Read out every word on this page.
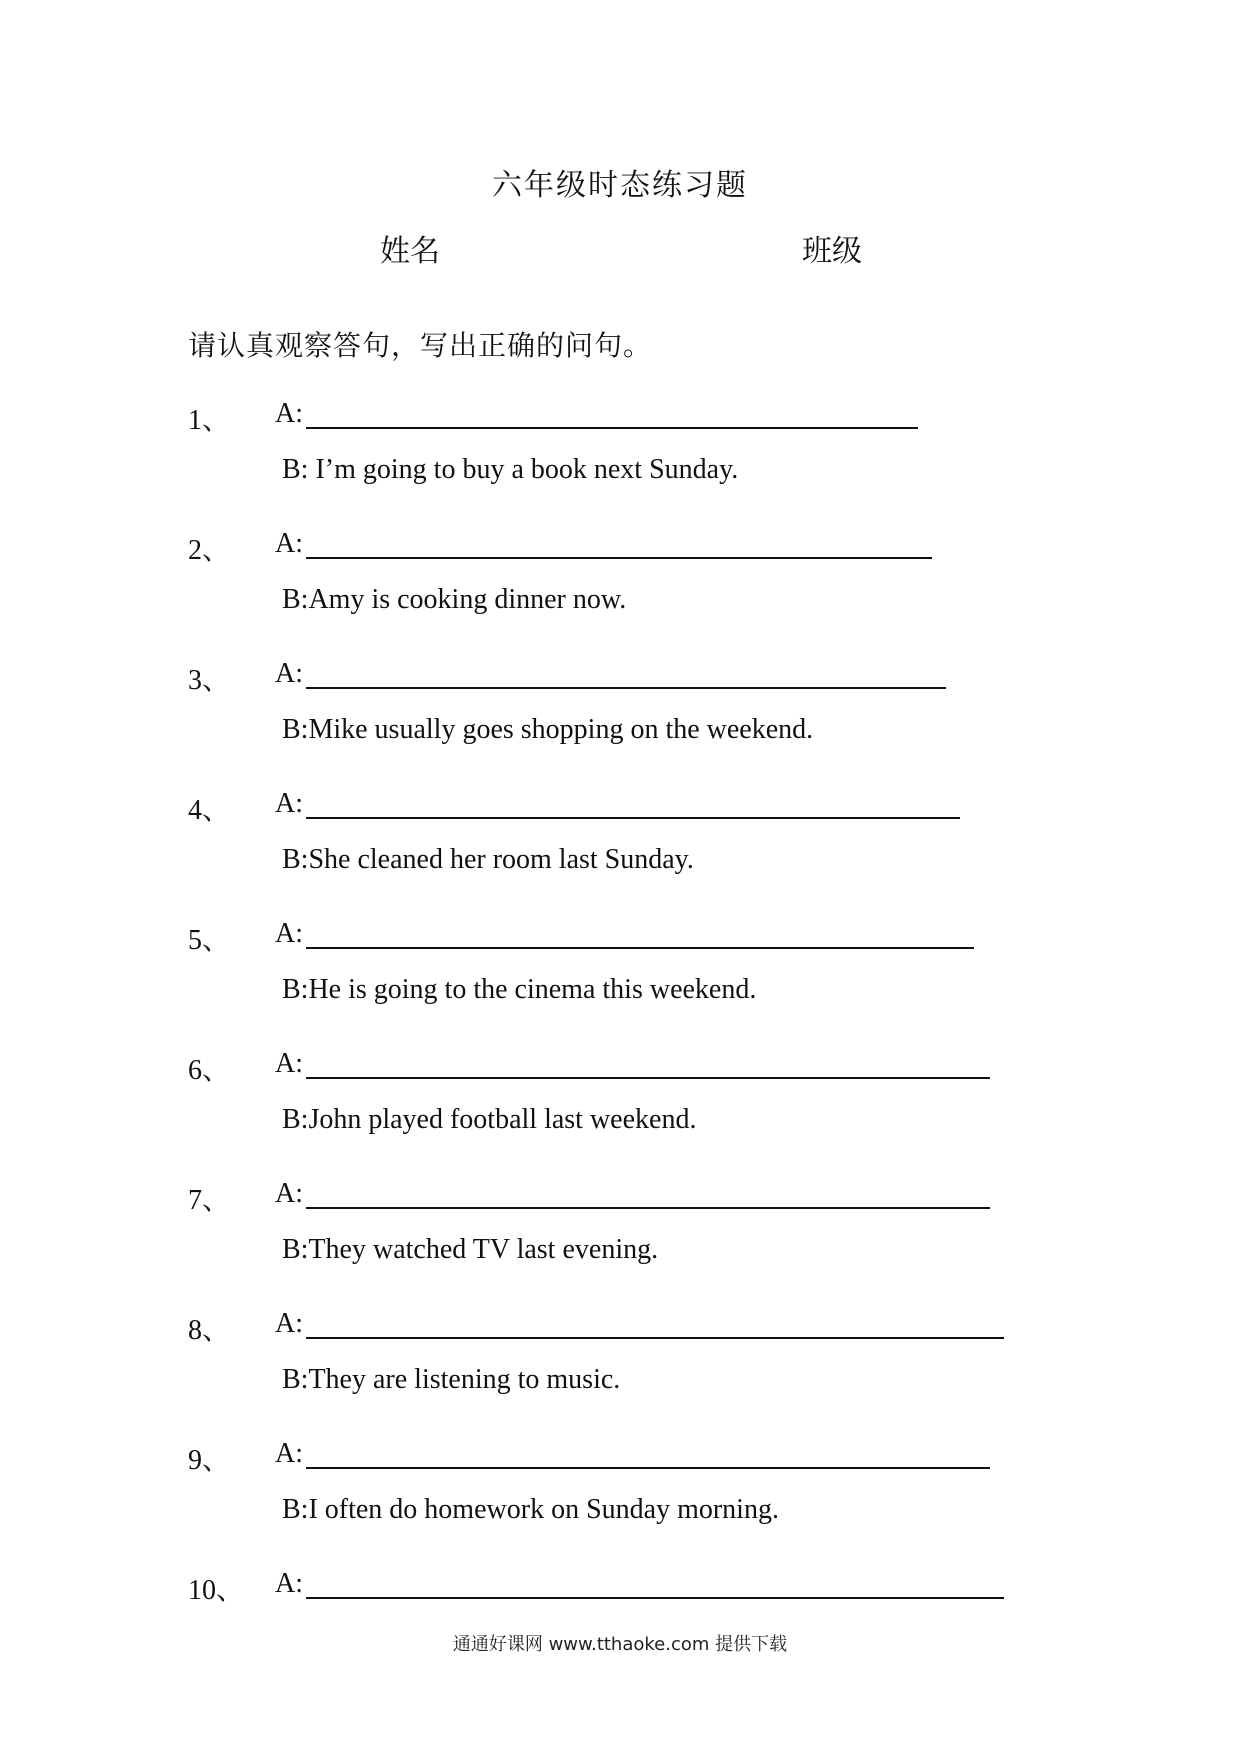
六年级时态练习题
姓名	班级
请认真观察答句，写出正确的问句。
1、 A:
B: I’m going to buy a book next Sunday.
2、 A:
B:Amy is cooking dinner now.
3、 A:
B:Mike usually goes shopping on the weekend.
4、 A:
B:She cleaned her room last Sunday.
5、 A:
B:He is going to the cinema this weekend.
6、 A:
B:John played football last weekend.
7、 A:
B:They watched TV last evening.
8、 A:
B:They are listening to music.
9、 A:
B:I often do homework on Sunday morning.
10、 A:
通通好课网 www.tthaoke.com 提供下载
